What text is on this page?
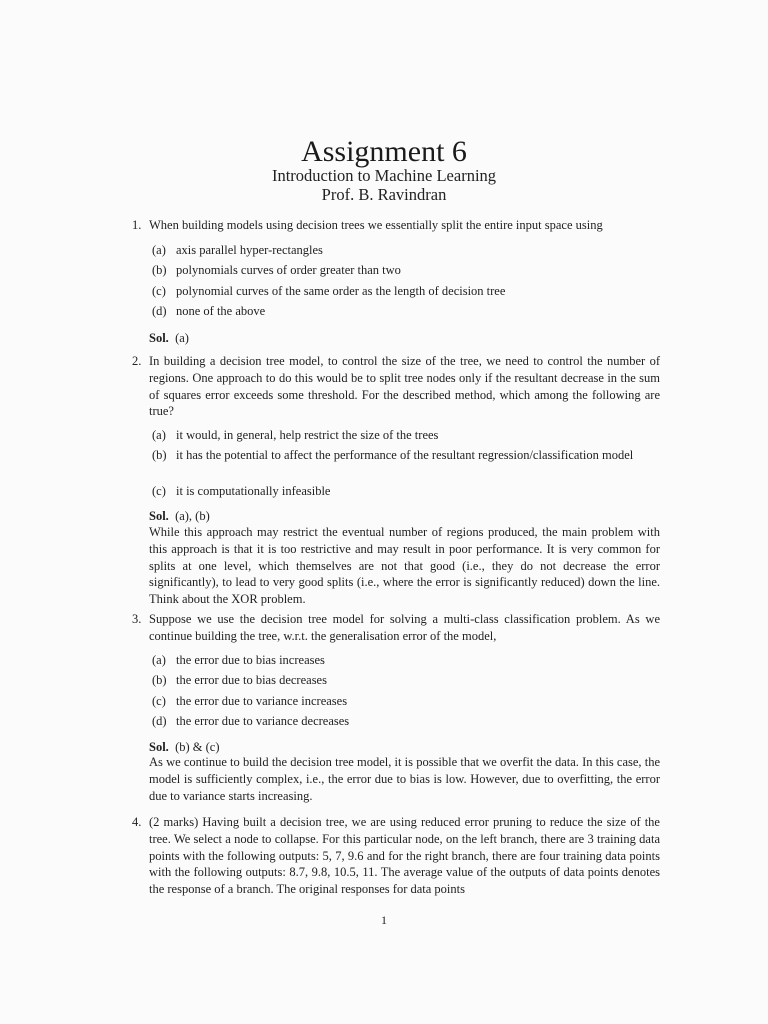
Assignment 6
Introduction to Machine Learning
Prof. B. Ravindran
1. When building models using decision trees we essentially split the entire input space using
(a) axis parallel hyper-rectangles
(b) polynomials curves of order greater than two
(c) polynomial curves of the same order as the length of decision tree
(d) none of the above
Sol. (a)
2. In building a decision tree model, to control the size of the tree, we need to control the number of regions. One approach to do this would be to split tree nodes only if the resultant decrease in the sum of squares error exceeds some threshold. For the described method, which among the following are true?
(a) it would, in general, help restrict the size of the trees
(b) it has the potential to affect the performance of the resultant regression/classification model
(c) it is computationally infeasible
Sol. (a), (b)
While this approach may restrict the eventual number of regions produced, the main problem with this approach is that it is too restrictive and may result in poor performance. It is very common for splits at one level, which themselves are not that good (i.e., they do not decrease the error significantly), to lead to very good splits (i.e., where the error is significantly reduced) down the line. Think about the XOR problem.
3. Suppose we use the decision tree model for solving a multi-class classification problem. As we continue building the tree, w.r.t. the generalisation error of the model,
(a) the error due to bias increases
(b) the error due to bias decreases
(c) the error due to variance increases
(d) the error due to variance decreases
Sol. (b) & (c)
As we continue to build the decision tree model, it is possible that we overfit the data. In this case, the model is sufficiently complex, i.e., the error due to bias is low. However, due to overfitting, the error due to variance starts increasing.
4. (2 marks) Having built a decision tree, we are using reduced error pruning to reduce the size of the tree. We select a node to collapse. For this particular node, on the left branch, there are 3 training data points with the following outputs: 5, 7, 9.6 and for the right branch, there are four training data points with the following outputs: 8.7, 9.8, 10.5, 11. The average value of the outputs of data points denotes the response of a branch. The original responses for data points
1
